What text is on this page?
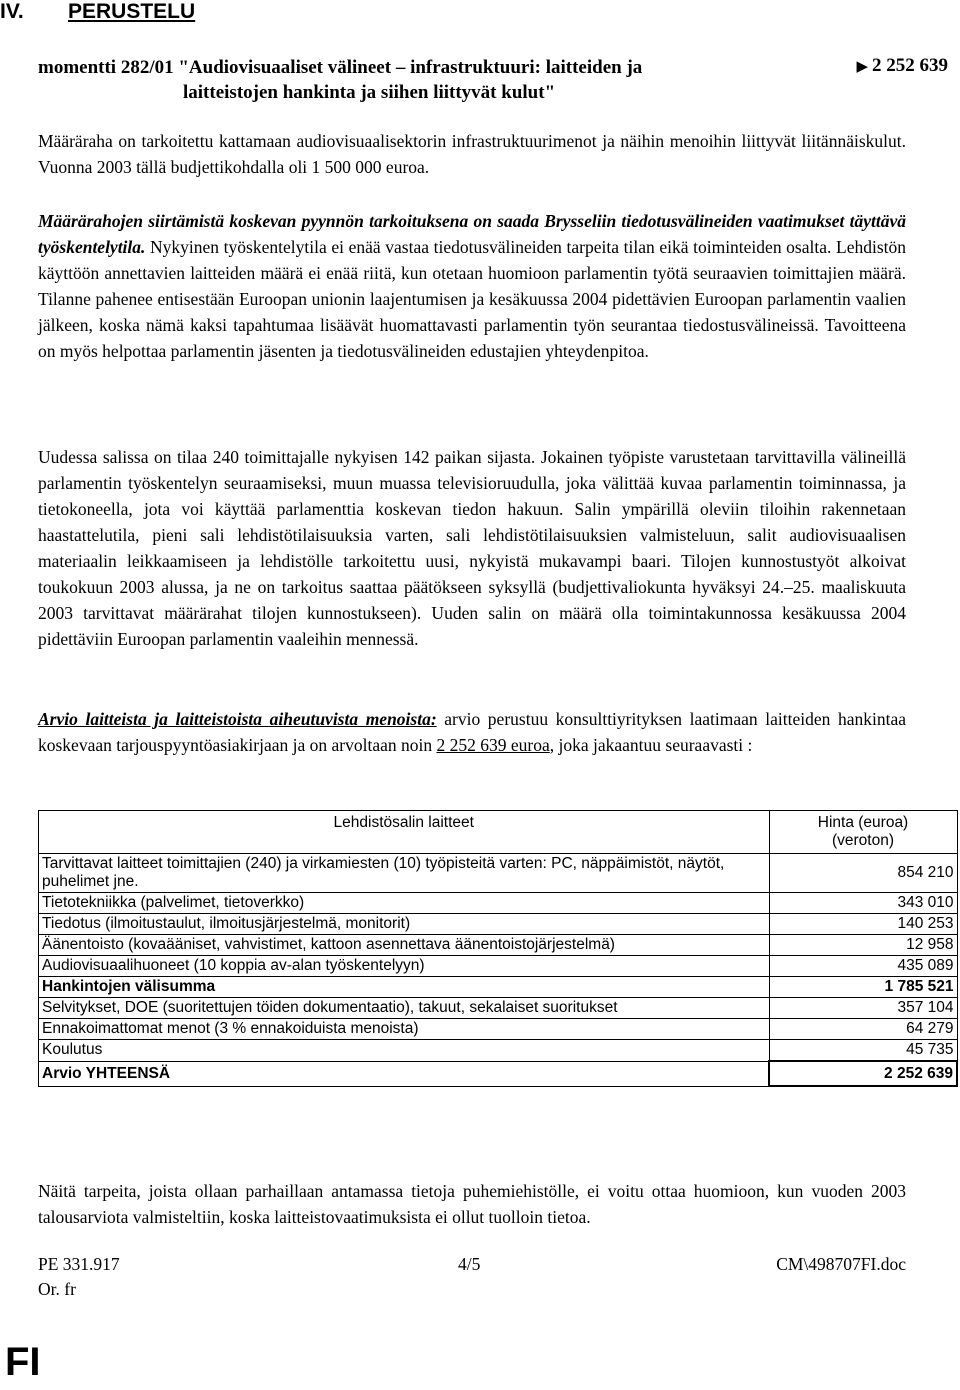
IV. PERUSTELU
momentti 282/01 "Audiovisuaaliset välineet – infrastruktuuri: laitteiden ja
laitteistojen hankinta ja siihen liittyvät kulut"
▶ 2 252 639

Määräraha on tarkoitettu kattamaan audiovisuaalisektorin infrastruktuurimenot ja näihin menoihin liittyvät liitännäiskulut. Vuonna 2003 tällä budjettikohdalla oli 1 500 000 euroa.

Määrärahojen siirtämistä koskevan pyynnön tarkoituksena on saada Brysseliin tiedotusvälineiden vaatimukset täyttävä työskentelytila. Nykyinen työskentelytila ei enää vastaa tiedotusvälineiden tarpeita tilan eikä toiminteiden osalta. Lehdistön käyttöön annettavien laitteiden määrä ei enää riitä, kun otetaan huomioon parlamentin työtä seuraavien toimittajien määrä. Tilanne pahenee entisestään Euroopan unionin laajentumisen ja kesäkuussa 2004 pidettävien Euroopan parlamentin vaalien jälkeen, koska nämä kaksi tapahtumaa lisäävät huomattavasti parlamentin työn seurantaa tiedostusvälineissä. Tavoitteena on myös helpottaa parlamentin jäsenten ja tiedotusvälineiden edustajien yhteydenpitoa.

Uudessa salissa on tilaa 240 toimittajalle nykyisen 142 paikan sijasta. Jokainen työpiste varustetaan tarvittavilla välineillä parlamentin työskentelyn seuraamiseksi, muun muassa televisioruudulla, joka välittää kuvaa parlamentin toiminnassa, ja tietokoneella, jota voi käyttää parlamenttia koskevan tiedon hakuun. Salin ympärillä oleviin tiloihin rakennetaan haastattelutila, pieni sali lehdistötilaisuuksia varten, sali lehdistötilaisuuksien valmisteluun, salit audiovisuaalisen materiaalin leikkaamiseen ja lehdistölle tarkoitettu uusi, nykyistä mukavampi baari. Tilojen kunnostustyöt alkoivat toukokuun 2003 alussa, ja ne on tarkoitus saattaa päätökseen syksyllä (budjettivaliokunta hyväksyi 24.–25. maaliskuuta 2003 tarvittavat määrärahat tilojen kunnostukseen). Uuden salin on määrä olla toimintakunnossa kesäkuussa 2004 pidettäviin Euroopan parlamentin vaaleihin mennessä.

Arvio laitteista ja laitteistoista aiheutuvista menoista: arvio perustuu konsulttiyrityksen laatimaan laitteiden hankintaa koskevaan tarjouspyyntöasiakirjaan ja on arvoltaan noin 2 252 639 euroa, joka jakaantuu seuraavasti :

Lehdistösalin laitteet	Hinta (euroa)
(veroton)
Tarvittavat laitteet toimittajien (240) ja virkamiesten (10) työpisteitä varten: PC, näppäimistöt, näytöt, puhelimet jne.	854 210
Tietotekniikka (palvelimet, tietoverkko)	343 010
Tiedotus (ilmoitustaulut, ilmoitusjärjestelmä, monitorit)	140 253
Äänentoisto (kovaääniset, vahvistimet, kattoon asennettava äänentoistojärjestelmä)	12 958
Audiovisuaalihuoneet (10 koppia av-alan työskentelyyn)	435 089
Hankintojen välisumma	1 785 521
Selvitykset, DOE (suoritettujen töiden dokumentaatio), takuut, sekalaiset suoritukset	357 104
Ennakoimattomat menot (3 % ennakoiduista menoista)	64 279
Koulutus	45 735
Arvio YHTEENSÄ	2 252 639

Näitä tarpeita, joista ollaan parhaillaan antamassa tietoja puhemiehistölle, ei voitu ottaa huomioon, kun vuoden 2003 talousarviota valmisteltiin, koska laitteistovaatimuksista ei ollut tuolloin tietoa.

PE 331.917	4/5	CM\498707FI.doc
Or. fr
FI
